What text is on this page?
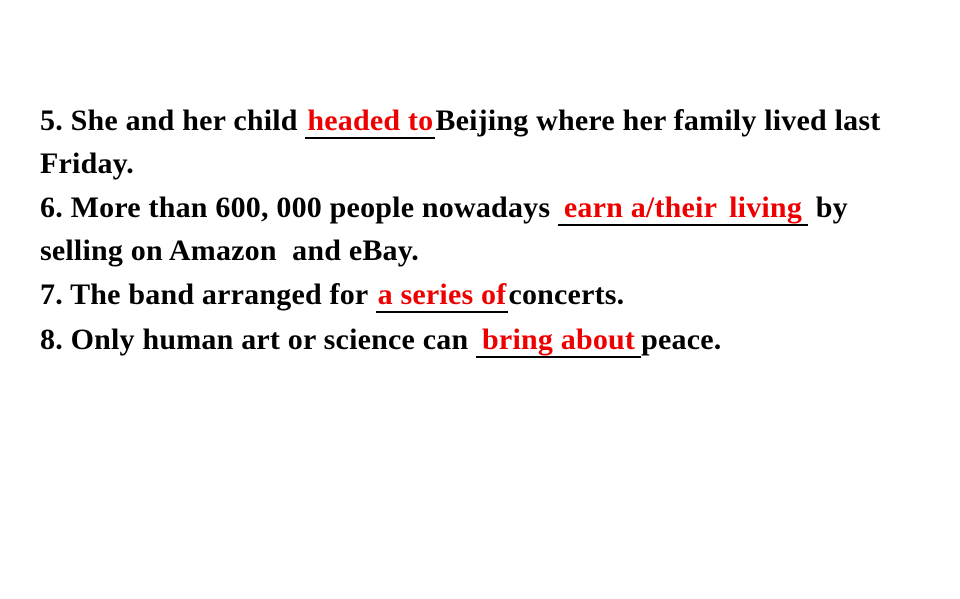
5. She and her child headed toBeijing where her family lived last Friday.
6. More than 600, 000 people nowadays earn a/their living by selling on Amazon  and eBay.
7. The band arranged for a series ofconcerts.
8. Only human art or science can bring about peace.
